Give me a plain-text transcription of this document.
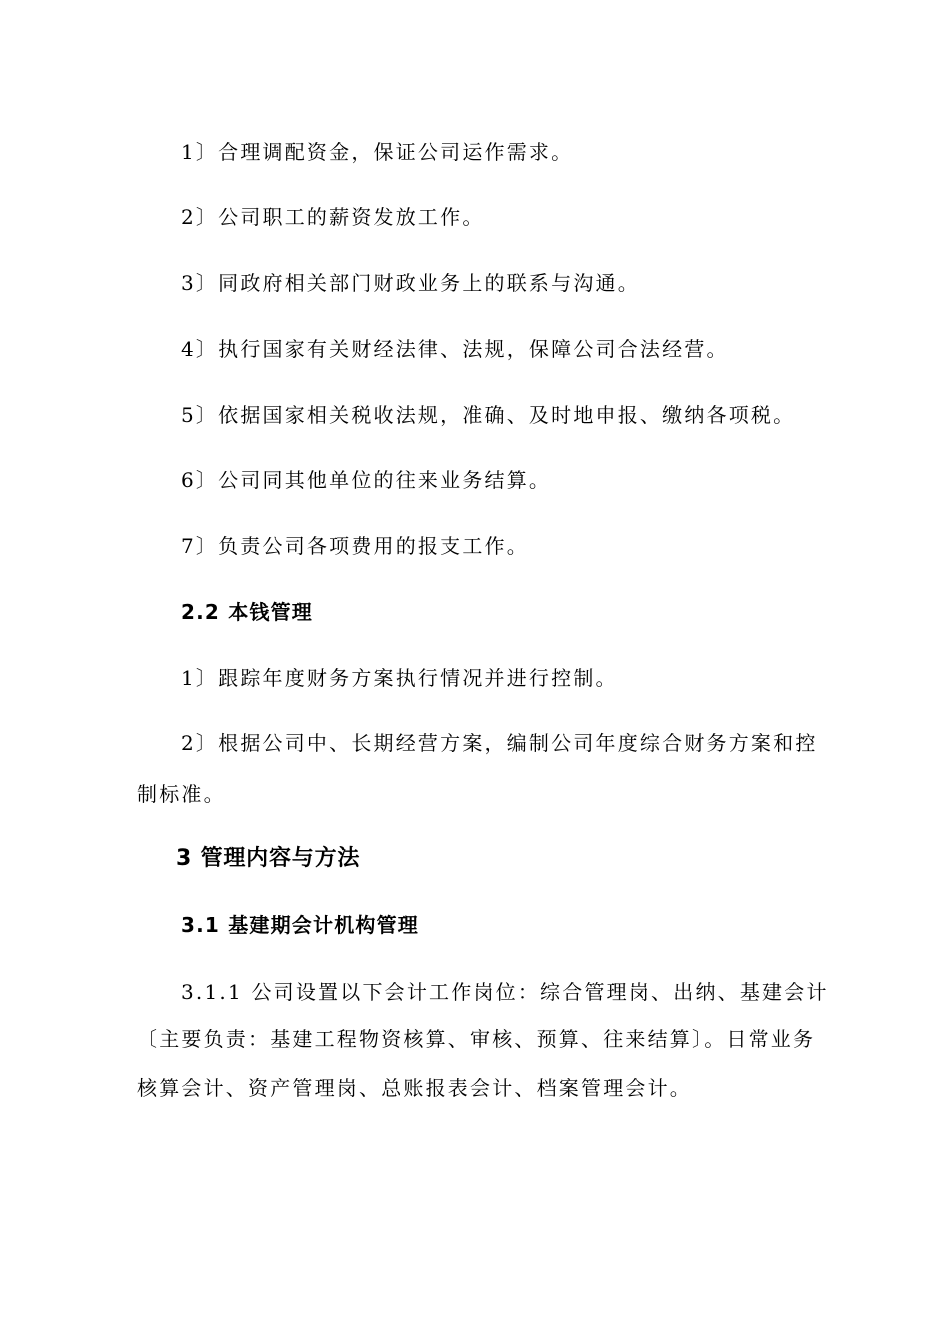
1〕合理调配资金，保证公司运作需求。
2〕公司职工的薪资发放工作。
3〕同政府相关部门财政业务上的联系与沟通。
4〕执行国家有关财经法律、法规，保障公司合法经营。
5〕依据国家相关税收法规，准确、及时地申报、缴纳各项税。
6〕公司同其他单位的往来业务结算。
7〕负责公司各项费用的报支工作。
2.2 本钱管理
1〕跟踪年度财务方案执行情况并进行控制。
2〕根据公司中、长期经营方案，编制公司年度综合财务方案和控
制标准。
3 管理内容与方法
3.1 基建期会计机构管理
3.1.1 公司设置以下会计工作岗位：综合管理岗、出纳、基建会计
〔主要负责：基建工程物资核算、审核、预算、往来结算〕。日常业务
核算会计、资产管理岗、总账报表会计、档案管理会计。
